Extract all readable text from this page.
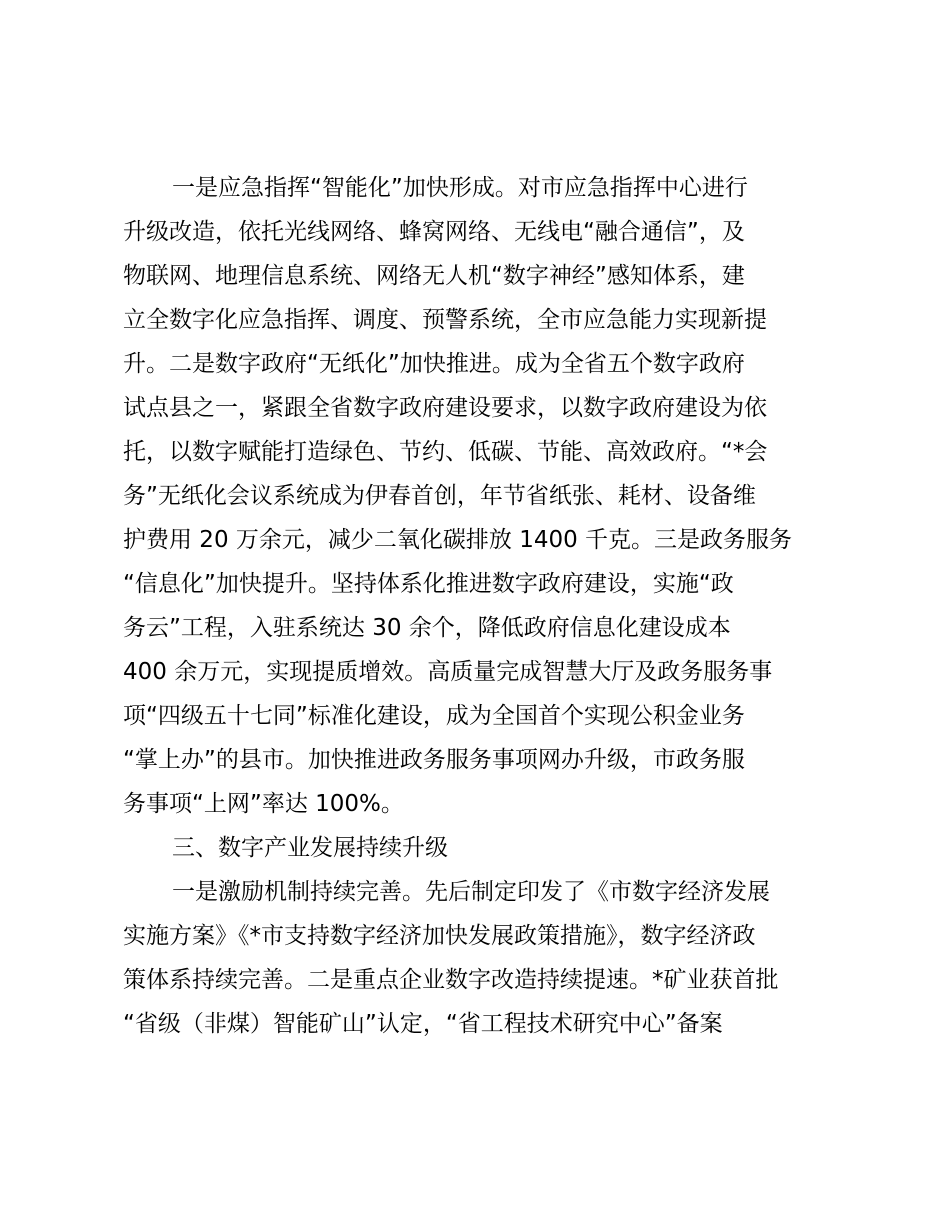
一是应急指挥“智能化”加快形成。对市应急指挥中心进行
升级改造，依托光线网络、蜂窝网络、无线电“融合通信”，及
物联网、地理信息系统、网络无人机“数字神经”感知体系，建
立全数字化应急指挥、调度、预警系统，全市应急能力实现新提
升。二是数字政府“无纸化”加快推进。成为全省五个数字政府
试点县之一，紧跟全省数字政府建设要求，以数字政府建设为依
托，以数字赋能打造绿色、节约、低碳、节能、高效政府。“*会
务”无纸化会议系统成为伊春首创，年节省纸张、耗材、设备维
护费用 20 万余元，减少二氧化碳排放 1400 千克。三是政务服务
“信息化”加快提升。坚持体系化推进数字政府建设，实施“政
务云”工程，入驻系统达 30 余个，降低政府信息化建设成本
400 余万元，实现提质增效。高质量完成智慧大厅及政务服务事
项“四级五十七同”标准化建设，成为全国首个实现公积金业务
“掌上办”的县市。加快推进政务服务事项网办升级，市政务服
务事项“上网”率达 100%。
三、数字产业发展持续升级
一是激励机制持续完善。先后制定印发了《市数字经济发展
实施方案》《*市支持数字经济加快发展政策措施》，数字经济政
策体系持续完善。二是重点企业数字改造持续提速。*矿业获首批
“省级（非煤）智能矿山”认定，“省工程技术研究中心”备案
